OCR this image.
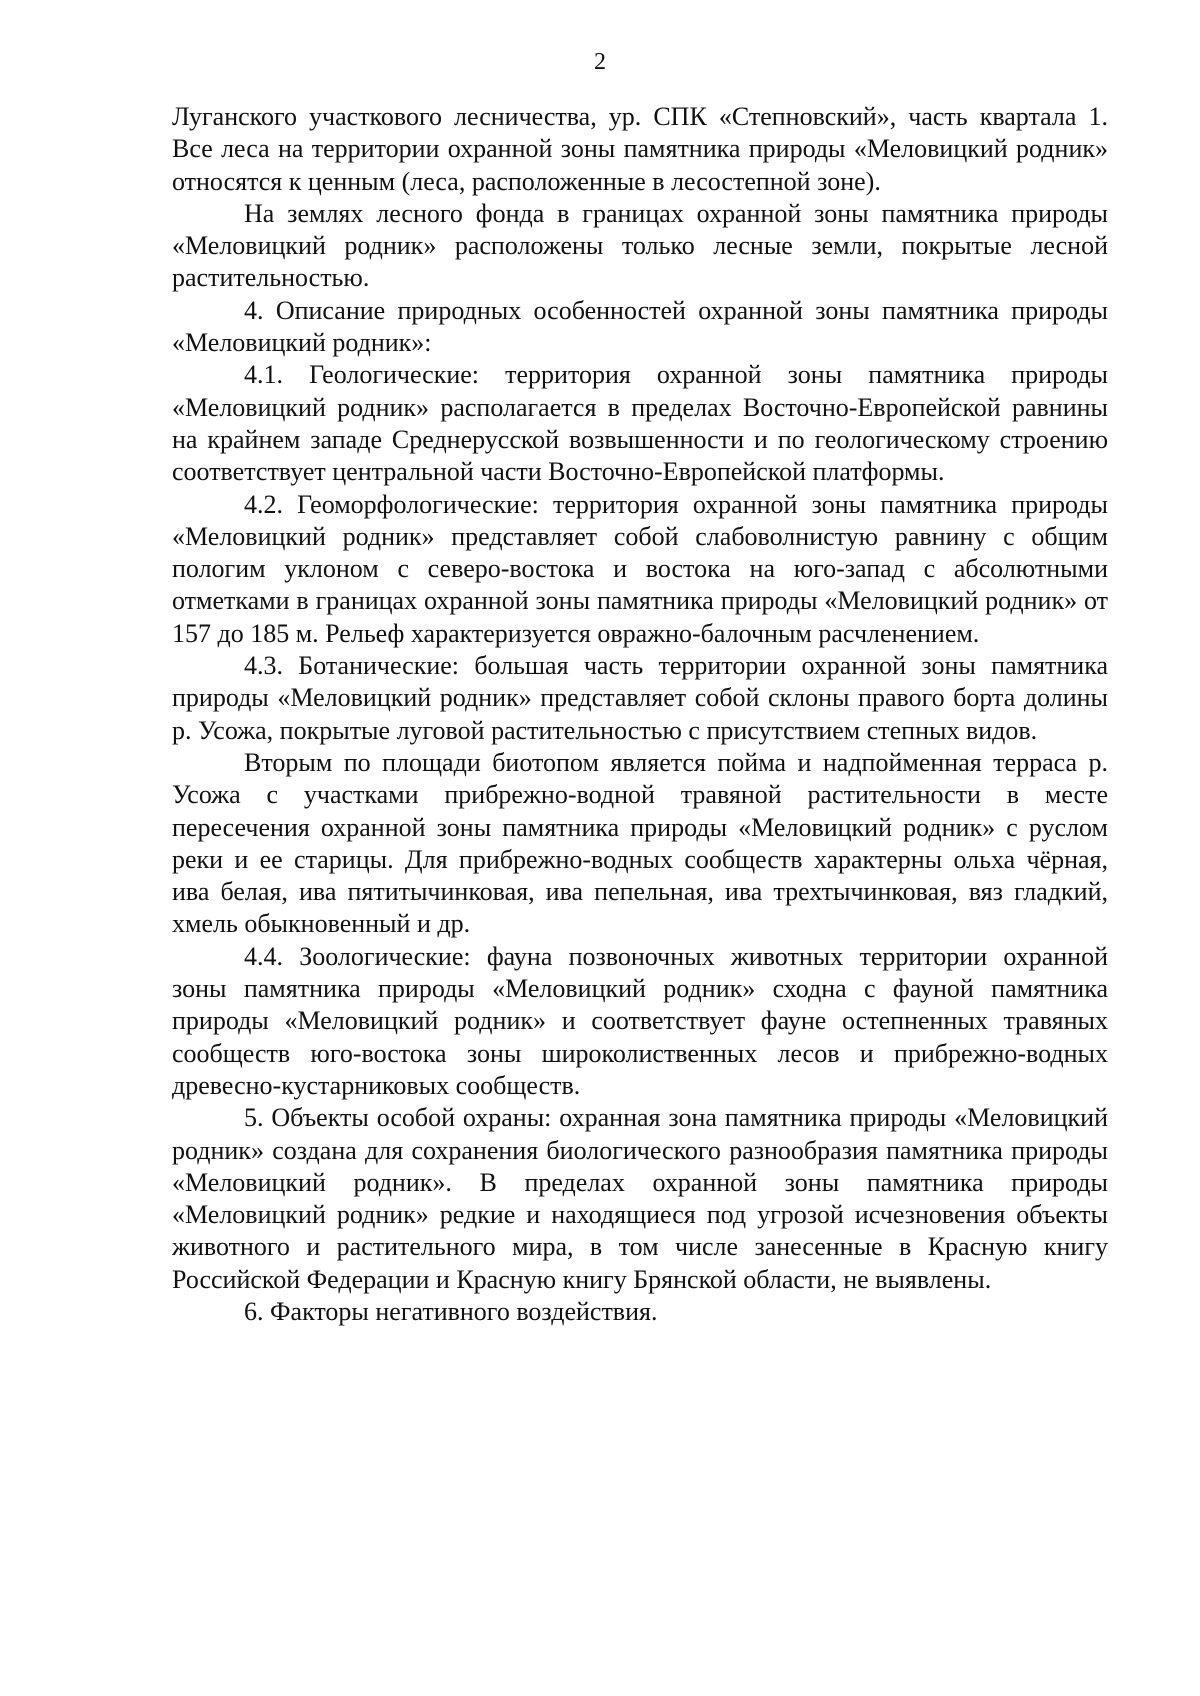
2

Луганского участкового лесничества, ур. СПК «Степновский», часть квартала 1. Все леса на территории охранной зоны памятника природы «Меловицкий родник» относятся к ценным (леса, расположенные в лесостепной зоне).

На землях лесного фонда в границах охранной зоны памятника природы «Меловицкий родник» расположены только лесные земли, покрытые лесной растительностью.

4. Описание природных особенностей охранной зоны памятника природы «Меловицкий родник»:

4.1. Геологические: территория охранной зоны памятника природы «Меловицкий родник» располагается в пределах Восточно-Европейской равнины на крайнем западе Среднерусской возвышенности и по геологическому строению соответствует центральной части Восточно-Европейской платформы.

4.2. Геоморфологические: территория охранной зоны памятника природы «Меловицкий родник» представляет собой слабоволнистую равнину с общим пологим уклоном с северо-востока и востока на юго-запад с абсолютными отметками в границах охранной зоны памятника природы «Меловицкий родник» от 157 до 185 м. Рельеф характеризуется овражно-балочным расчленением.

4.3. Ботанические: большая часть территории охранной зоны памятника природы «Меловицкий родник» представляет собой склоны правого борта долины р. Усожа, покрытые луговой растительностью с присутствием степных видов.

Вторым по площади биотопом является пойма и надпойменная терраса р. Усожа с участками прибрежно-водной травяной растительности в месте пересечения охранной зоны памятника природы «Меловицкий родник» с руслом реки и ее старицы. Для прибрежно-водных сообществ характерны ольха чёрная, ива белая, ива пятитычинковая, ива пепельная, ива трехтычинковая, вяз гладкий, хмель обыкновенный и др.

4.4. Зоологические: фауна позвоночных животных территории охранной зоны памятника природы «Меловицкий родник» сходна с фауной памятника природы «Меловицкий родник» и соответствует фауне остепненных травяных сообществ юго-востока зоны широколиственных лесов и прибрежно-водных древесно-кустарниковых сообществ.

5. Объекты особой охраны: охранная зона памятника природы «Меловицкий родник» создана для сохранения биологического разнообразия памятника природы «Меловицкий родник». В пределах охранной зоны памятника природы «Меловицкий родник» редкие и находящиеся под угрозой исчезновения объекты животного и растительного мира, в том числе занесенные в Красную книгу Российской Федерации и Красную книгу Брянской области, не выявлены.

6. Факторы негативного воздействия.
